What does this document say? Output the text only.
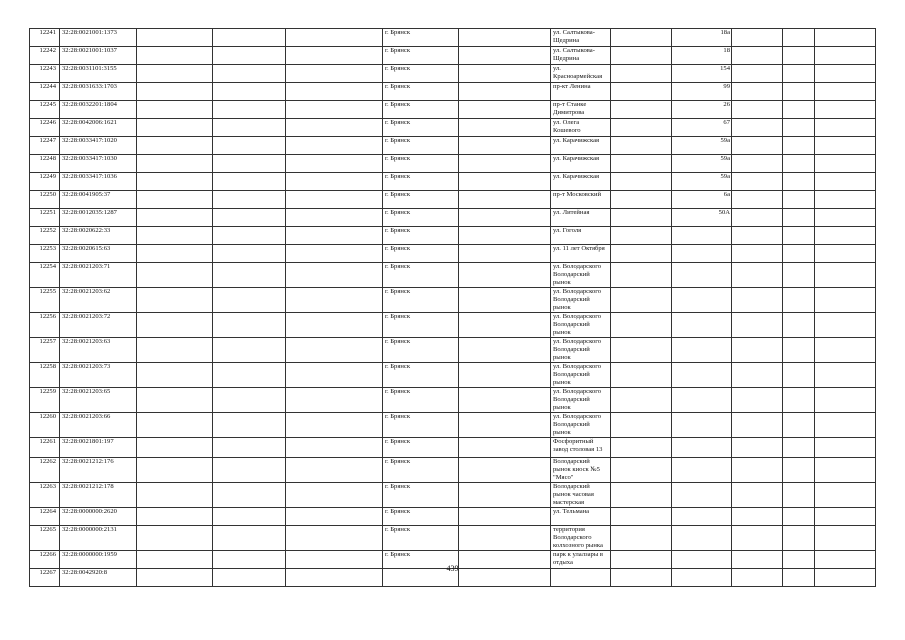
12241	32:28:0021001:1373				г. Брянск		ул. Салтыкова-Щедрина		18а			
12242	32:28:0021001:1037				г. Брянск		ул. Салтыкова-Щедрина		18			
12243	32:28:0031101:3155				г. Брянск		ул. Красноармейская		154			
12244	32:28:0031633:1703				г. Брянск		пр-кт Ленина		99			
12245	32:28:0032201:1804				г. Брянск		пр-т Станке Димитрова		26			
12246	32:28:0042006:1621				г. Брянск		ул. Олега Кошевого		67			
12247	32:28:0033417:1020				г. Брянск		ул. Карачижская		59а			
12248	32:28:0033417:1030				г. Брянск		ул. Карачижская		59а			
12249	32:28:0033417:1036				г. Брянск		ул. Карачижская		59а			
12250	32:28:0041905:37				г. Брянск		пр-т Московский		6а			
12251	32:28:0012035:1287				г. Брянск		ул. Литейная		50А			
12252	32:28:0020622:33				г. Брянск		ул. Гоголя					
12253	32:28:0020615:63				г. Брянск		ул. 11 лет Октября					
12254	32:28:0021203:71				г. Брянск		ул. Володарского Володарский рынок					
12255	32:28:0021203:62				г. Брянск		ул. Володарского Володарский рынок					
12256	32:28:0021203:72				г. Брянск		ул. Володарского Володарский рынок					
12257	32:28:0021203:63				г. Брянск		ул. Володарского Володарский рынок					
12258	32:28:0021203:73				г. Брянск		ул. Володарского Володарский рынок					
12259	32:28:0021203:65				г. Брянск		ул. Володарского Володарский рынок					
12260	32:28:0021203:66				г. Брянск		ул. Володарского Володарский рынок					
12261	32:28:0021801:197				г. Брянск		Фосфоритный завод столовая 13					
12262	32:28:0021212:176				г. Брянск		Володарский рынок киоск №5 "Мясо"					
12263	32:28:0021212:178				г. Брянск		Володарский рынок часовая мастерская					
12264	32:28:0000000:2620				г. Брянск		ул. Тельмана					
12265	32:28:0000000:2131				г. Брянск		территория Володарского колхозного рынка					
12266	32:28:0000000:1959				г. Брянск		парк к улалзары в отдыха					
12267	32:28:0042920:8												439
